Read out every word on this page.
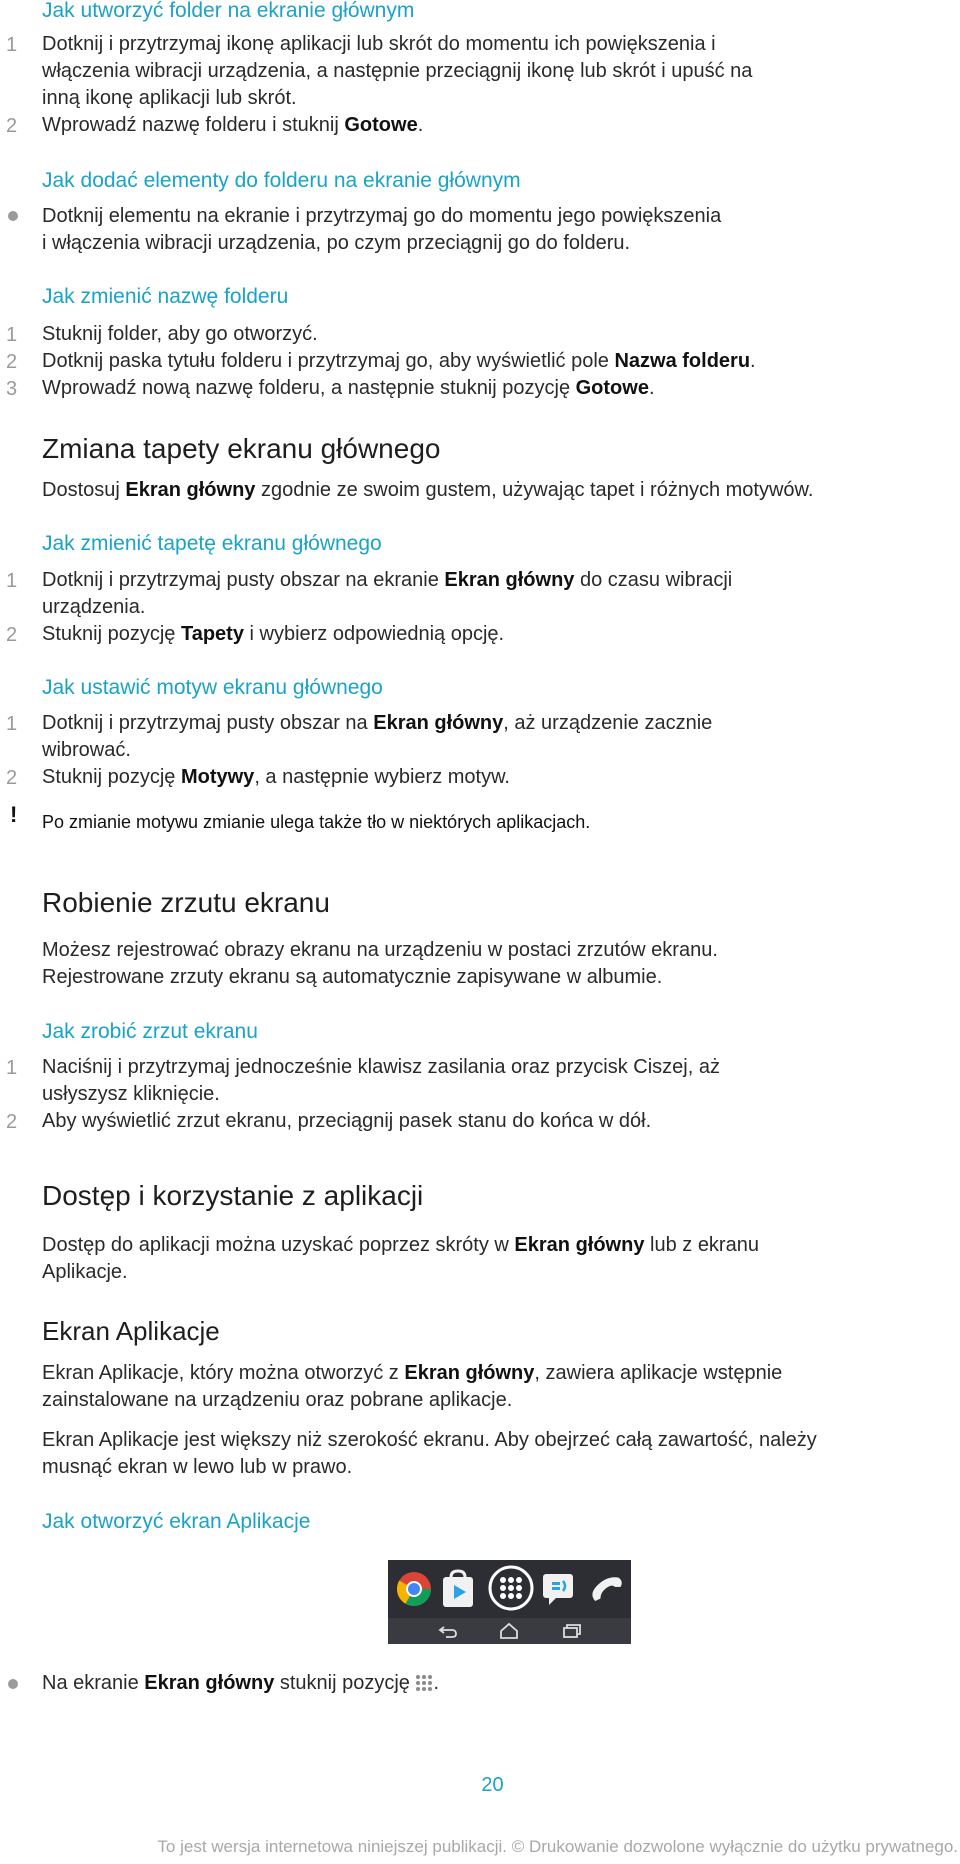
Jak utworzyć folder na ekranie głównym
1	Dotknij i przytrzymaj ikonę aplikacji lub skrót do momentu ich powiększenia i
włączenia wibracji urządzenia, a następnie przeciągnij ikonę lub skrót i upuść na
inną ikonę aplikacji lub skrót.
2	Wprowadź nazwę folderu i stuknij Gotowe.
Jak dodać elementy do folderu na ekranie głównym
Dotknij elementu na ekranie i przytrzymaj go do momentu jego powiększenia
i włączenia wibracji urządzenia, po czym przeciągnij go do folderu.
Jak zmienić nazwę folderu
1	Stuknij folder, aby go otworzyć.
2	Dotknij paska tytułu folderu i przytrzymaj go, aby wyświetlić pole Nazwa folderu.
3	Wprowadź nową nazwę folderu, a następnie stuknij pozycję Gotowe.
Zmiana tapety ekranu głównego
Dostosuj Ekran główny zgodnie ze swoim gustem, używając tapet i różnych motywów.
Jak zmienić tapetę ekranu głównego
1	Dotknij i przytrzymaj pusty obszar na ekranie Ekran główny do czasu wibracji
urządzenia.
2	Stuknij pozycję Tapety i wybierz odpowiednią opcję.
Jak ustawić motyw ekranu głównego
1	Dotknij i przytrzymaj pusty obszar na Ekran główny, aż urządzenie zacznie
wibrować.
2	Stuknij pozycję Motywy, a następnie wybierz motyw.
! Po zmianie motywu zmianie ulega także tło w niektórych aplikacjach.
Robienie zrzutu ekranu
Możesz rejestrować obrazy ekranu na urządzeniu w postaci zrzutów ekranu.
Rejestrowane zrzuty ekranu są automatycznie zapisywane w albumie.
Jak zrobić zrzut ekranu
1	Naciśnij i przytrzymaj jednocześnie klawisz zasilania oraz przycisk Ciszej, aż
usłyszysz kliknięcie.
2	Aby wyświetlić zrzut ekranu, przeciągnij pasek stanu do końca w dół.
Dostęp i korzystanie z aplikacji
Dostęp do aplikacji można uzyskać poprzez skróty w Ekran główny lub z ekranu
Aplikacje.
Ekran Aplikacje
Ekran Aplikacje, który można otworzyć z Ekran główny, zawiera aplikacje wstępnie
zainstalowane na urządzeniu oraz pobrane aplikacje.
Ekran Aplikacje jest większy niż szerokość ekranu. Aby obejrzeć całą zawartość, należy
musnąć ekran w lewo lub w prawo.
Jak otworzyć ekran Aplikacje
Na ekranie Ekran główny stuknij pozycję .
20
To jest wersja internetowa niniejszej publikacji. © Drukowanie dozwolone wyłącznie do użytku prywatnego.
